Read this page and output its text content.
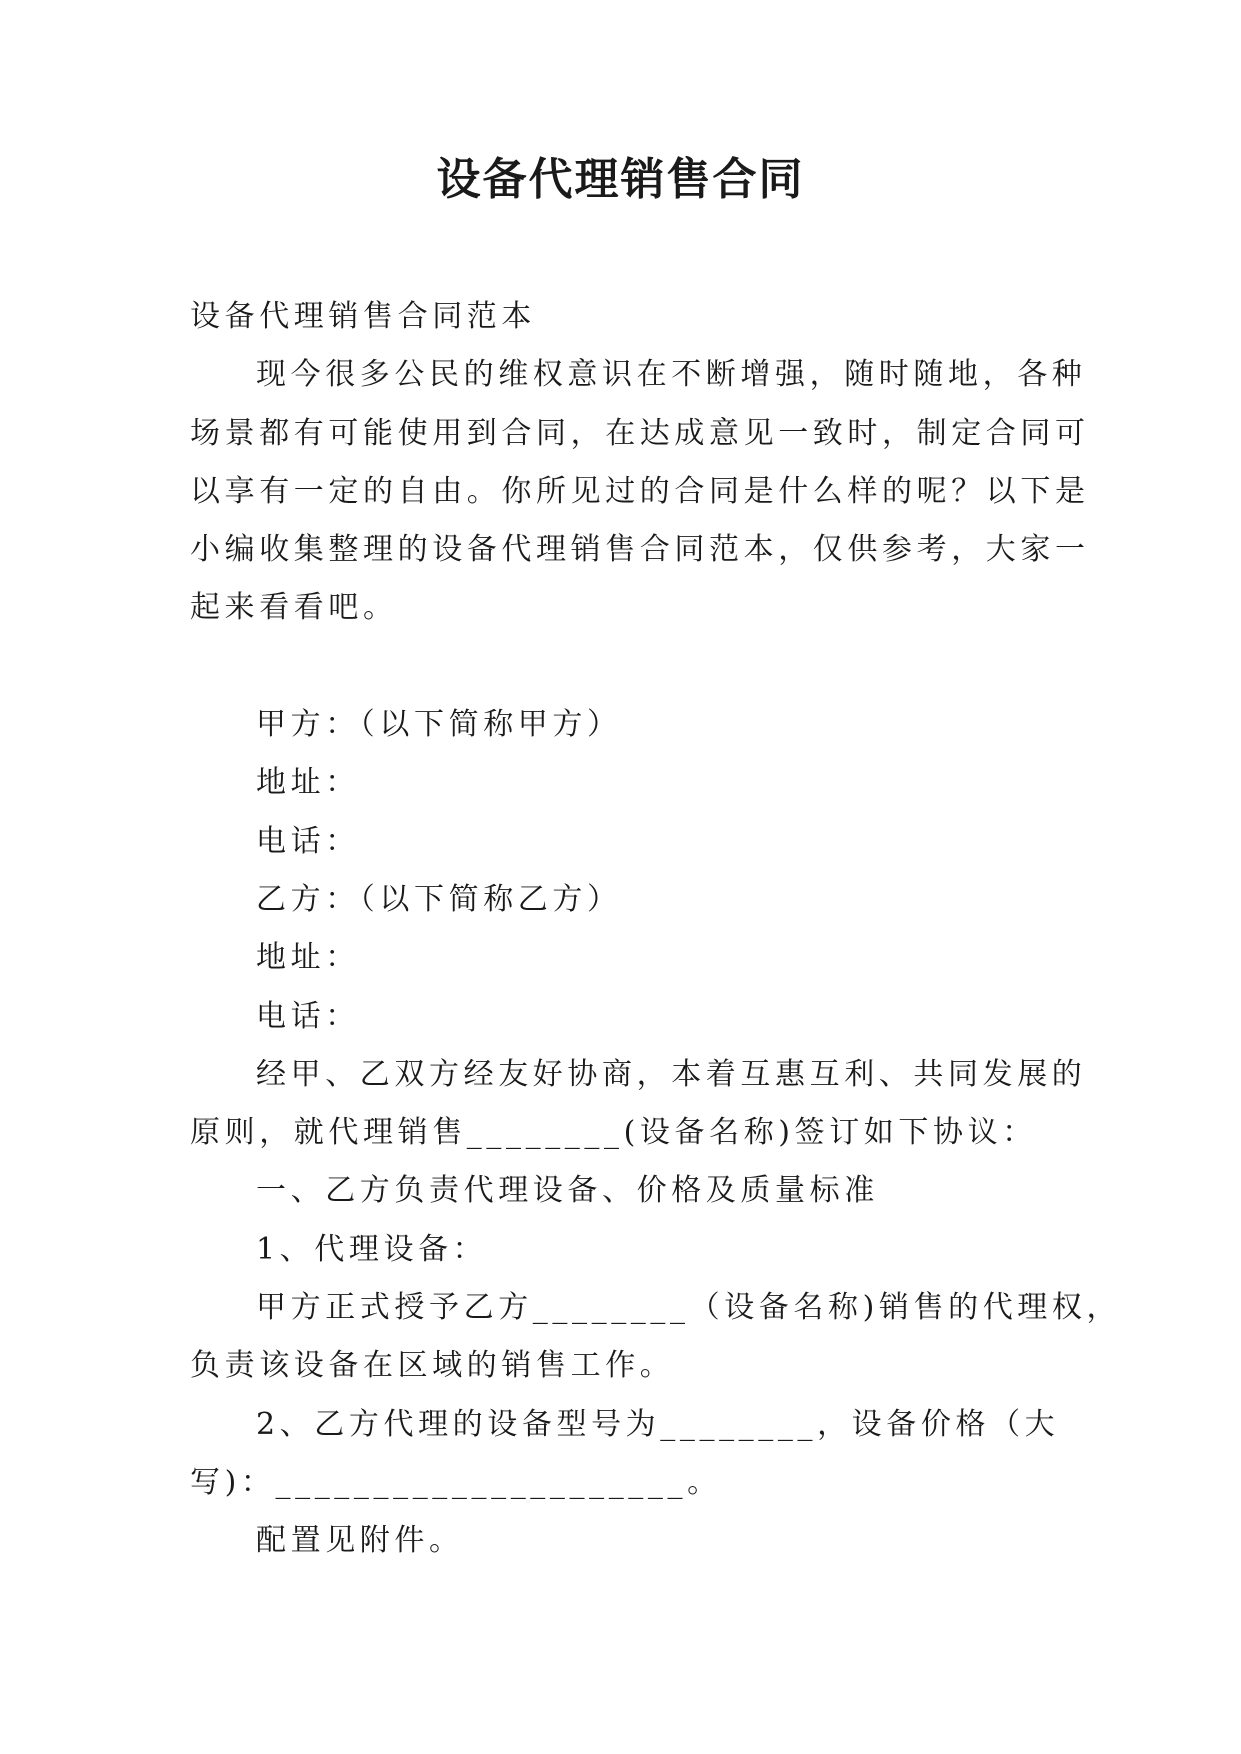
设备代理销售合同
设备代理销售合同范本
现今很多公民的维权意识在不断增强，随时随地，各种
场景都有可能使用到合同，在达成意见一致时，制定合同可
以享有一定的自由。你所见过的合同是什么样的呢？以下是
小编收集整理的设备代理销售合同范本，仅供参考，大家一
起来看看吧。
甲方：（以下简称甲方）
地址：
电话：
乙方：（以下简称乙方）
地址：
电话：
经甲、乙双方经友好协商，本着互惠互利、共同发展的
原则，就代理销售________(设备名称)签订如下协议：
一、乙方负责代理设备、价格及质量标准
1、代理设备：
甲方正式授予乙方________（设备名称)销售的代理权，
负责该设备在区域的销售工作。
2、乙方代理的设备型号为________，设备价格（大
写)：_____________________。
配置见附件。
